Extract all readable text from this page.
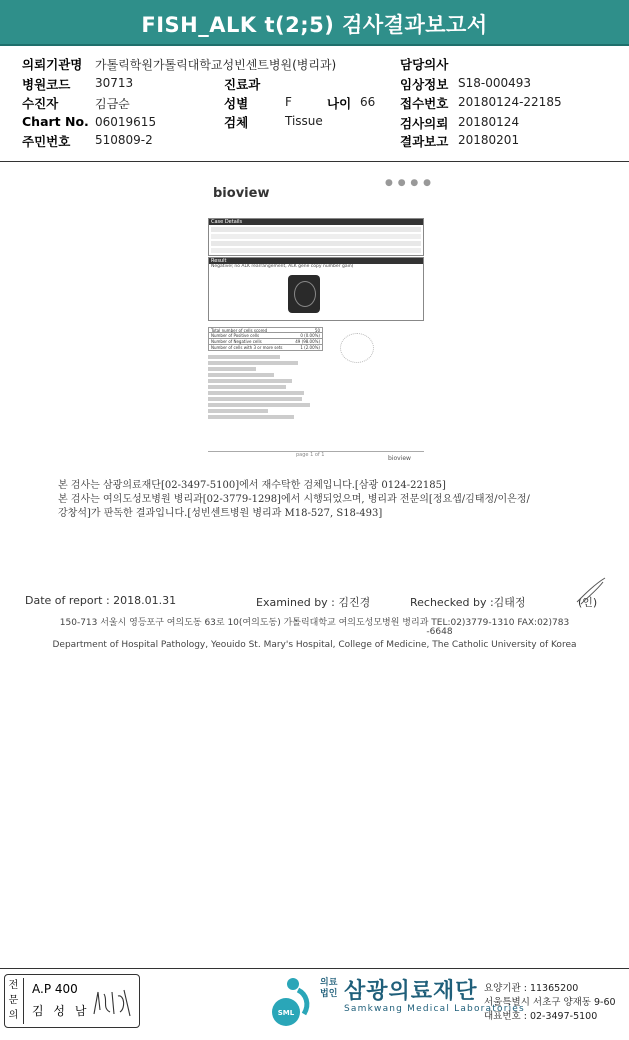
FISH_ALK t(2;5) 검사결과보고서
의뢰기관명 가톨릭학원가톨릭대학교성빈센트병원(병리과)
병원코드 30713
수진자	김금순
Chart No. 06019615
주민번호 510809-2
진료과
성별	F	나이 66
검체	Tissue
담당의사
임상정보 S18-000493
접수번호 20180124-22185
검사의뢰 20180124
결과보고 20180201
bioview
● ● ● ●
Case Details
Result
Negative( no ALK rearrangement, ALK gene copy number gain)
Total number of cells scored	50
Number of Positive cells	0 (0.00%)
Number of Negative cells	49 (98.00%)
Number of cells with 3 or more sets	1 (2.00%)
page 1 of 1	bioview
본 검사는 삼광의료재단[02-3497-5100]에서 재수탁한 검체입니다.[삼광 0124-22185]
본 검사는 여의도성모병원 병리과[02-3779-1298]에서 시행되었으며, 병리과 전문의[정요셉/김태정/이은정/
강창석]가 판독한 결과입니다.[성빈센트병원 병리과 M18-527, S18-493]
Date of report : 2018.01.31	Examined by : 김진경	Rechecked by :김태정	(인)
150-713 서울시 영등포구 여의도동 63로 10(여의도동) 가톨릭대학교 여의도성모병원 병리과 TEL:02)3779-1310 FAX:02)783
-6648
Department of Hospital Pathology, Yeouido St. Mary's Hospital, College of Medicine, The Catholic University of Korea
전문의
A.P 400
김 성 남	SML
의료
법인 삼광의료재단
Samkwang Medical Laboratories
요양기관 : 11365200
서울특별시 서초구 양재동 9-60
대표번호 : 02-3497-5100
